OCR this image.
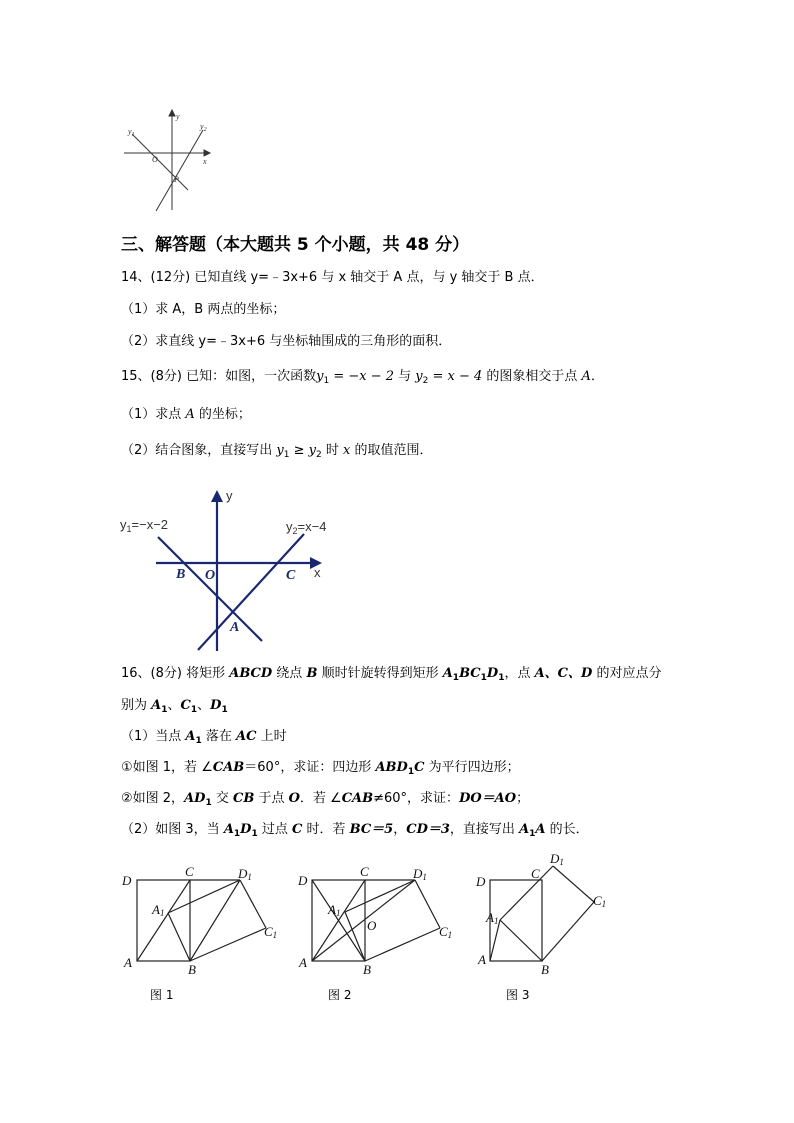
y
$y_1$
$y_2$
x
O
P
三、解答题（本大题共 5 个小题，共 48 分）
14、(12分) 已知直线 y=﹣3x+6 与 x 轴交于 A 点，与 y 轴交于 B 点．
（1）求 A，B 两点的坐标；
（2）求直线 y=﹣3x+6 与坐标轴围成的三角形的面积．
15、(8分) 已知：如图，一次函数$y_1 = -x - 2$ 与 $y_2 = x - 4$ 的图象相交于点 A．
（1）求点 A 的坐标；
（2）结合图象，直接写出 $y_1 \ge y_2$ 时 x 的取值范围．
y
x
$y_1=-x-2$	$y_2=x-4$
B O	C
A
16、(8分) 将矩形 ABCD 绕点 B 顺时针旋转得到矩形 $A_1BC_1D_1$，点 A、C、D 的对应点分
别为 $A_1$、$C_1$、$D_1$
（1）当点 $A_1$ 落在 AC 上时
①如图 1，若 ∠CAB＝60°，求证：四边形 $ABD_1C$ 为平行四边形；
②如图 2，$AD_1$ 交 CB 于点 O．若 ∠CAB≠60°，求证：DO＝AO；
（2）如图 3，当 $A_1D_1$ 过点 C 时．若 BC＝5，CD＝3，直接写出 $A_1A$ 的长．
D
C	D1
A1
C1
A	B
图 1
D
C	D1
A1
O	C1
A	B
图 2
D
C
D1
A1
C1
A
B
图 3
